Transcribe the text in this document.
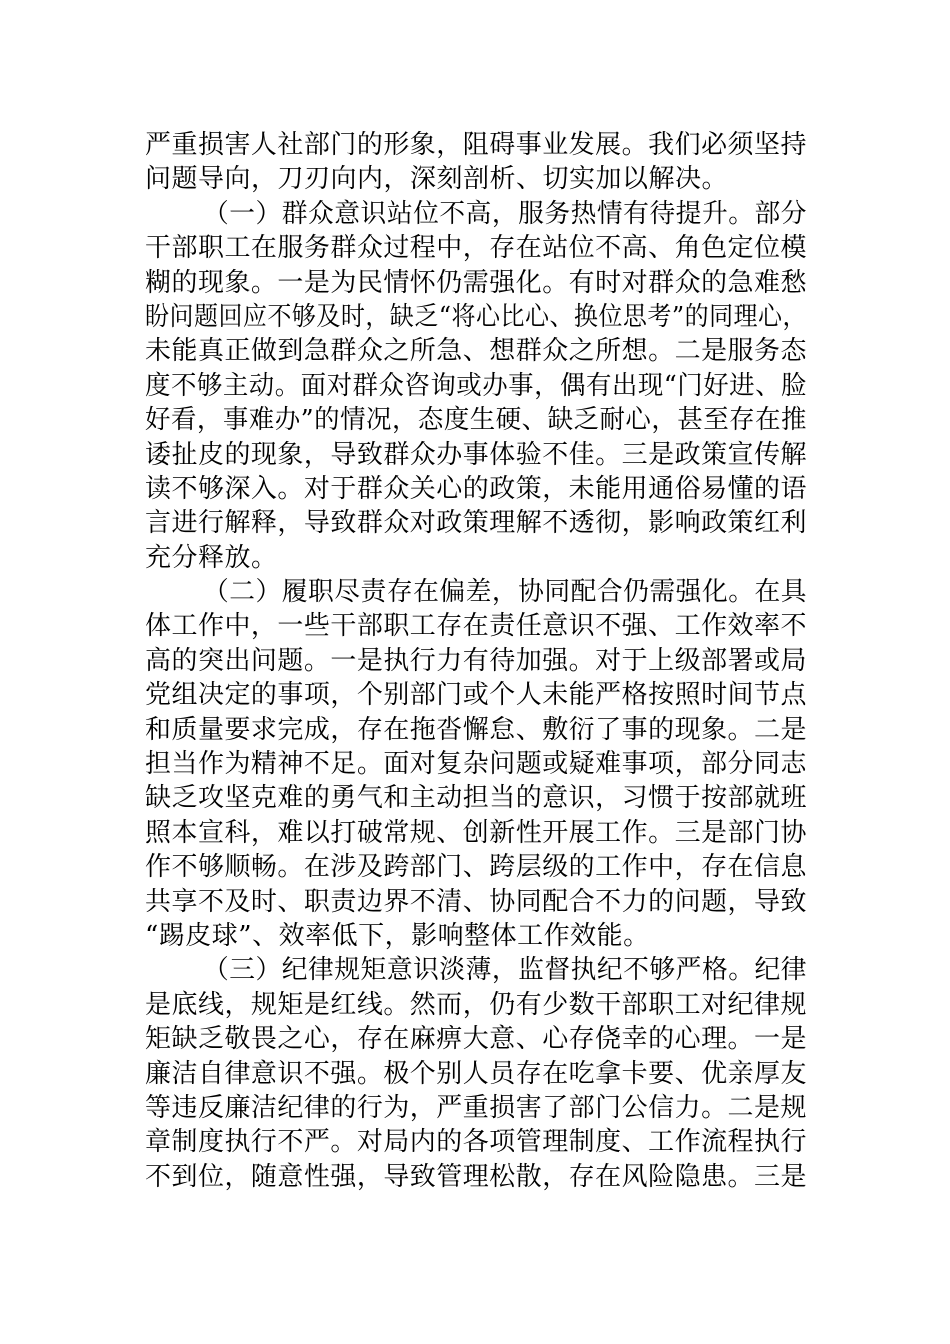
严重损害人社部门的形象，阻碍事业发展。我们必须坚持
问题导向，刀刃向内，深刻剖析、切实加以解决。
（一）群众意识站位不高，服务热情有待提升。部分
干部职工在服务群众过程中，存在站位不高、角色定位模
糊的现象。一是为民情怀仍需强化。有时对群众的急难愁
盼问题回应不够及时，缺乏“将心比心、换位思考”的同理心，
未能真正做到急群众之所急、想群众之所想。二是服务态
度不够主动。面对群众咨询或办事，偶有出现“门好进、脸
好看，事难办”的情况，态度生硬、缺乏耐心，甚至存在推
诿扯皮的现象，导致群众办事体验不佳。三是政策宣传解
读不够深入。对于群众关心的政策，未能用通俗易懂的语
言进行解释，导致群众对政策理解不透彻，影响政策红利
充分释放。
（二）履职尽责存在偏差，协同配合仍需强化。在具
体工作中，一些干部职工存在责任意识不强、工作效率不
高的突出问题。一是执行力有待加强。对于上级部署或局
党组决定的事项，个别部门或个人未能严格按照时间节点
和质量要求完成，存在拖沓懈怠、敷衍了事的现象。二是
担当作为精神不足。面对复杂问题或疑难事项，部分同志
缺乏攻坚克难的勇气和主动担当的意识，习惯于按部就班
照本宣科，难以打破常规、创新性开展工作。三是部门协
作不够顺畅。在涉及跨部门、跨层级的工作中，存在信息
共享不及时、职责边界不清、协同配合不力的问题，导致
“踢皮球”、效率低下，影响整体工作效能。
（三）纪律规矩意识淡薄，监督执纪不够严格。纪律
是底线，规矩是红线。然而，仍有少数干部职工对纪律规
矩缺乏敬畏之心，存在麻痹大意、心存侥幸的心理。一是
廉洁自律意识不强。极个别人员存在吃拿卡要、优亲厚友
等违反廉洁纪律的行为，严重损害了部门公信力。二是规
章制度执行不严。对局内的各项管理制度、工作流程执行
不到位，随意性强，导致管理松散，存在风险隐患。三是
